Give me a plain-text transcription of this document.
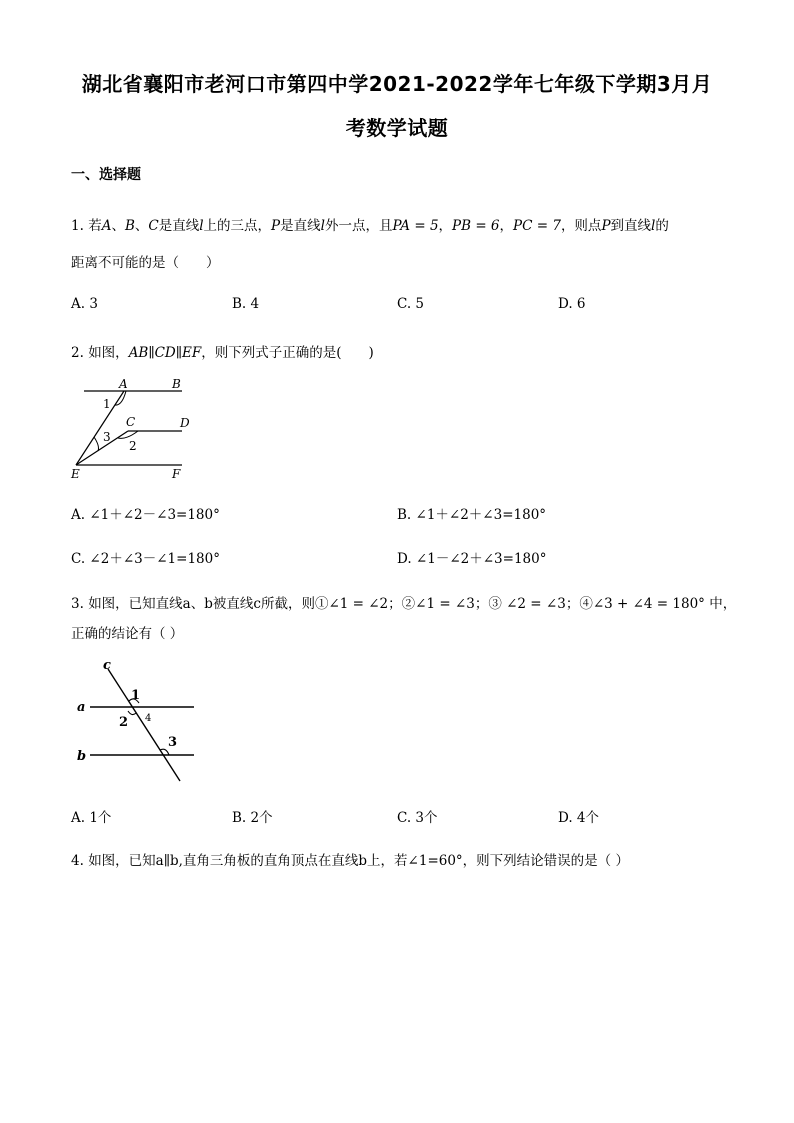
湖北省襄阳市老河口市第四中学2021-2022学年七年级下学期3月月
考数学试题
一、选择题
1. 若A、B、C是直线l上的三点，P是直线l外一点，且PA = 5，PB = 6，PC = 7，则点P到直线l的
距离不可能的是（　　）
A. 3	B. 4	C. 5	D. 6
2. 如图，AB∥CD∥EF，则下列式子正确的是(　　)
A	B
C	D
E	F
1
2
3
A. ∠1＋∠2－∠3=180°	B. ∠1＋∠2＋∠3=180°
C. ∠2＋∠3－∠1=180°	D. ∠1－∠2＋∠3=180°
3. 如图，已知直线a、b被直线c所截，则①∠1 = ∠2；②∠1 = ∠3；③ ∠2 = ∠3；④∠3 + ∠4 = 180° 中，
正确的结论有（ ）
c
a
b
1
2
3
4
A. 1个	B. 2个	C. 3个	D. 4个
4. 如图，已知a∥b,直角三角板的直角顶点在直线b上，若∠1=60°，则下列结论错误的是（ ）
